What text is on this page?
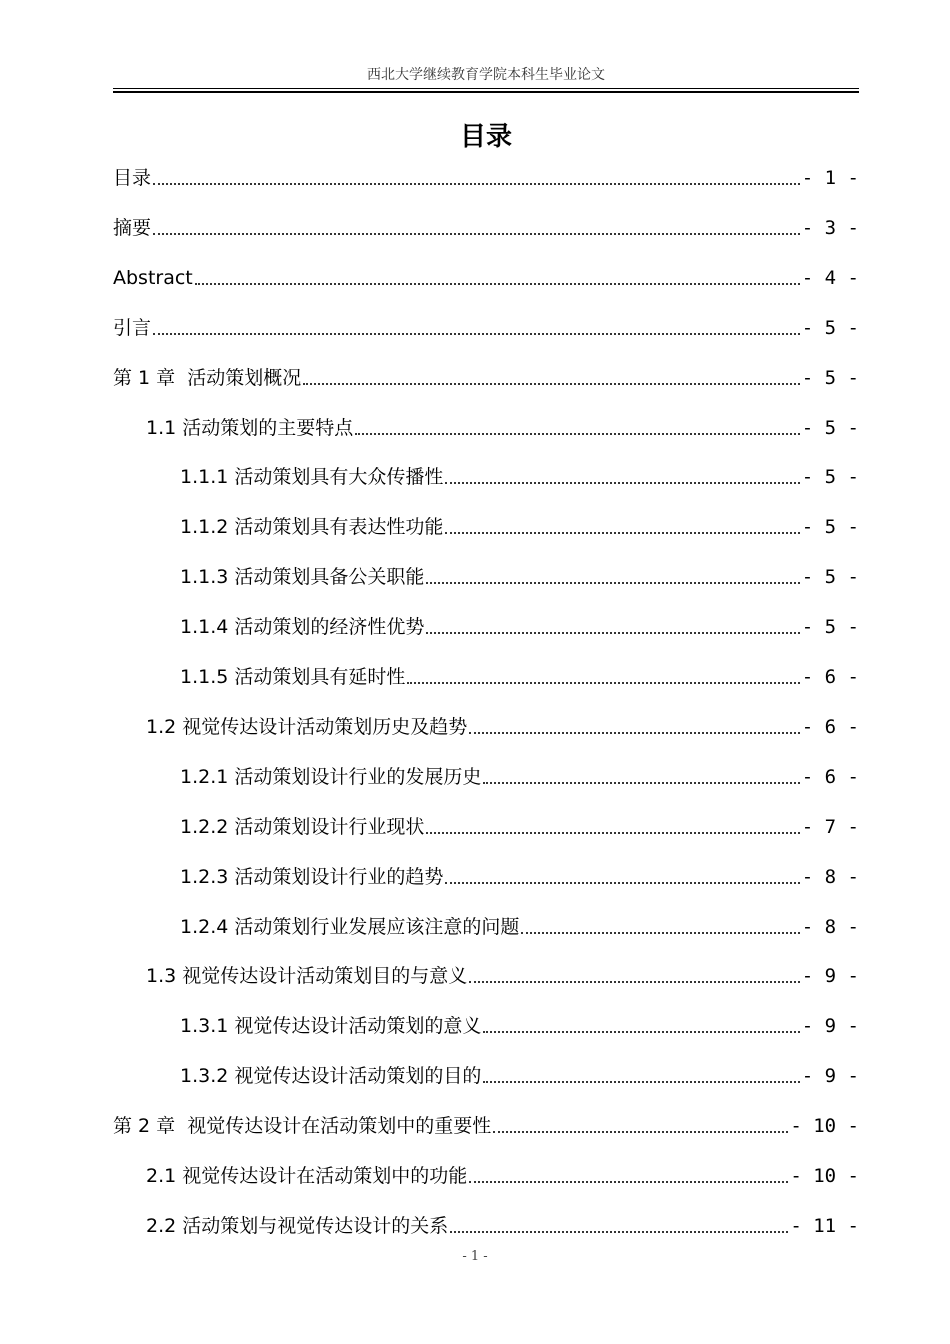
西北大学继续教育学院本科生毕业论文
目录
目录	- 1 -
摘要	- 3 -
Abstract	- 4 -
引言	- 5 -
第 1 章  活动策划概况	- 5 -
1.1 活动策划的主要特点	- 5 -
1.1.1 活动策划具有大众传播性	- 5 -
1.1.2 活动策划具有表达性功能	- 5 -
1.1.3 活动策划具备公关职能	- 5 -
1.1.4 活动策划的经济性优势	- 5 -
1.1.5 活动策划具有延时性	- 6 -
1.2 视觉传达设计活动策划历史及趋势	- 6 -
1.2.1 活动策划设计行业的发展历史	- 6 -
1.2.2 活动策划设计行业现状	- 7 -
1.2.3 活动策划设计行业的趋势	- 8 -
1.2.4 活动策划行业发展应该注意的问题	- 8 -
1.3 视觉传达设计活动策划目的与意义	- 9 -
1.3.1 视觉传达设计活动策划的意义	- 9 -
1.3.2 视觉传达设计活动策划的目的	- 9 -
第 2 章  视觉传达设计在活动策划中的重要性	- 10 -
2.1 视觉传达设计在活动策划中的功能	- 10 -
2.2 活动策划与视觉传达设计的关系	- 11 -
- 1 -
